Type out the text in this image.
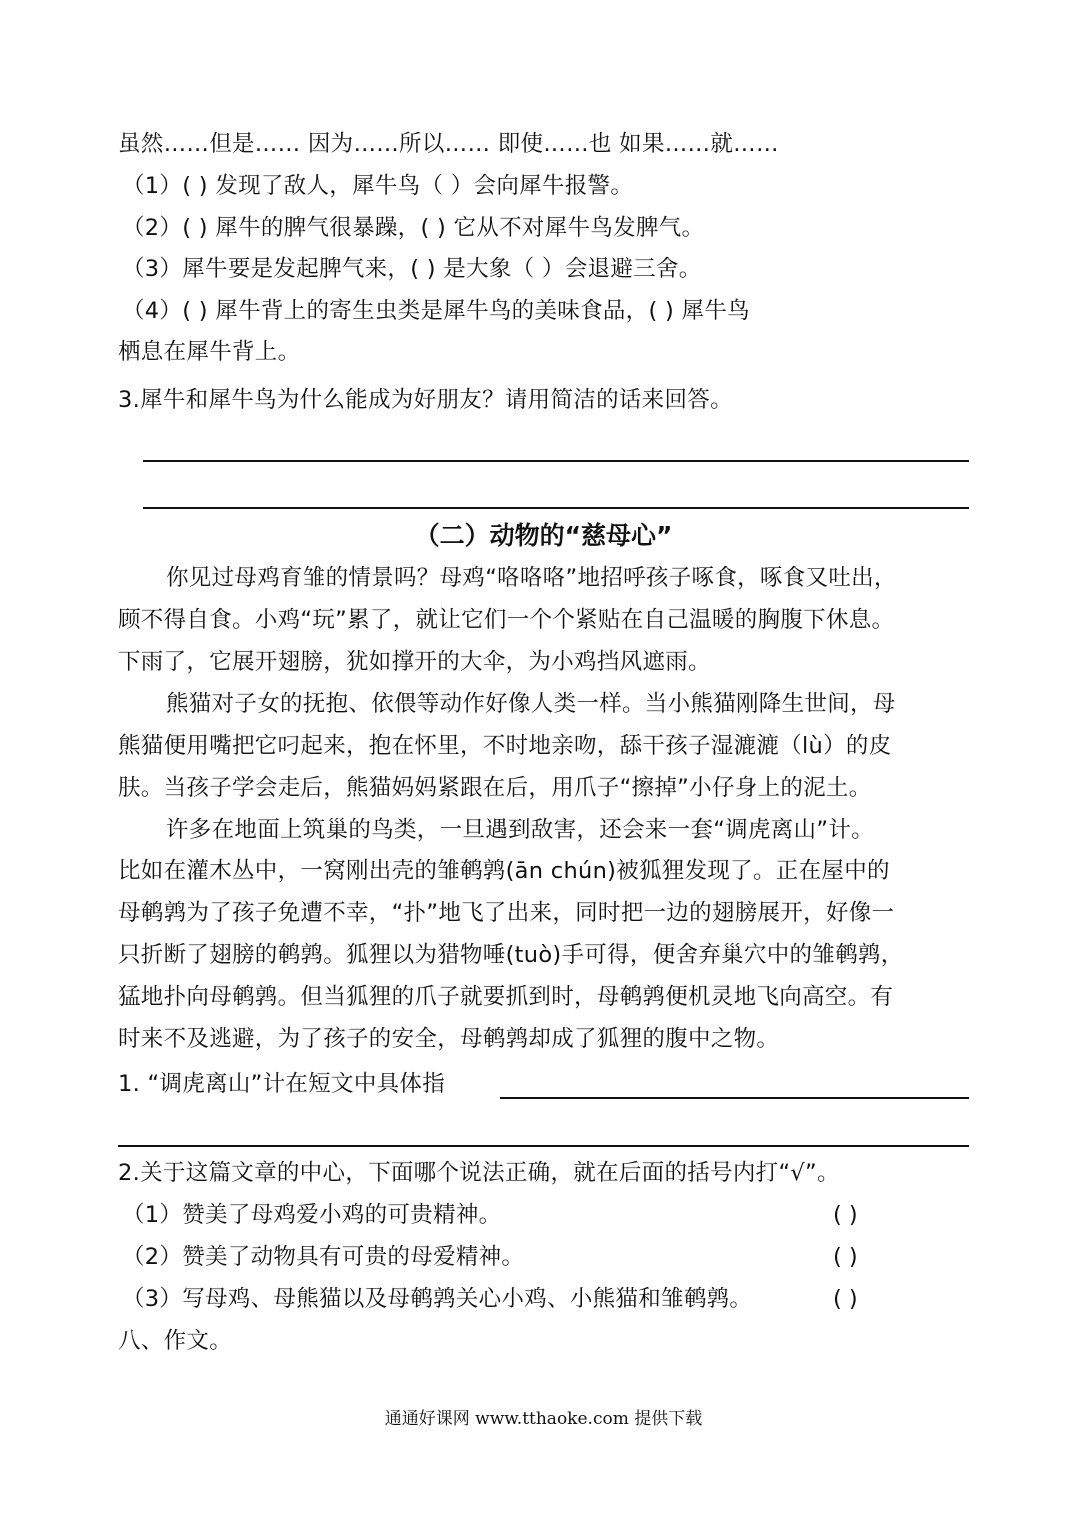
虽然……但是…… 因为……所以…… 即使……也 如果……就……
（1）( ) 发现了敌人，犀牛鸟（ ）会向犀牛报警。
（2）( ) 犀牛的脾气很暴躁，( ) 它从不对犀牛鸟发脾气。
（3）犀牛要是发起脾气来，( ) 是大象（ ）会退避三舍。
（4）( ) 犀牛背上的寄生虫类是犀牛鸟的美味食品，( ) 犀牛鸟
栖息在犀牛背上。
3.犀牛和犀牛鸟为什么能成为好朋友？请用简洁的话来回答。
（二）动物的“慈母心”
你见过母鸡育雏的情景吗？母鸡“咯咯咯”地招呼孩子啄食，啄食又吐出，
顾不得自食。小鸡“玩”累了，就让它们一个个紧贴在自己温暖的胸腹下休息。
下雨了，它展开翅膀，犹如撑开的大伞，为小鸡挡风遮雨。
熊猫对子女的抚抱、依偎等动作好像人类一样。当小熊猫刚降生世间，母
熊猫便用嘴把它叼起来，抱在怀里，不时地亲吻，舔干孩子湿漉漉（lù）的皮
肤。当孩子学会走后，熊猫妈妈紧跟在后，用爪子“擦掉”小仔身上的泥土。
许多在地面上筑巢的鸟类，一旦遇到敌害，还会来一套“调虎离山”计。
比如在灌木丛中，一窝刚出壳的雏鹌鹑(ān chún)被狐狸发现了。正在屋中的
母鹌鹑为了孩子免遭不幸，“扑”地飞了出来，同时把一边的翅膀展开，好像一
只折断了翅膀的鹌鹑。狐狸以为猎物唾(tuò)手可得，便舍弃巢穴中的雏鹌鹑，
猛地扑向母鹌鹑。但当狐狸的爪子就要抓到时，母鹌鹑便机灵地飞向高空。有
时来不及逃避，为了孩子的安全，母鹌鹑却成了狐狸的腹中之物。
1. “调虎离山”计在短文中具体指
2.关于这篇文章的中心，下面哪个说法正确，就在后面的括号内打“√”。
（1）赞美了母鸡爱小鸡的可贵精神。	( )
（2）赞美了动物具有可贵的母爱精神。	( )
（3）写母鸡、母熊猫以及母鹌鹑关心小鸡、小熊猫和雏鹌鹑。	( )
八、作文。
通通好课网 www.tthaoke.com 提供下载
